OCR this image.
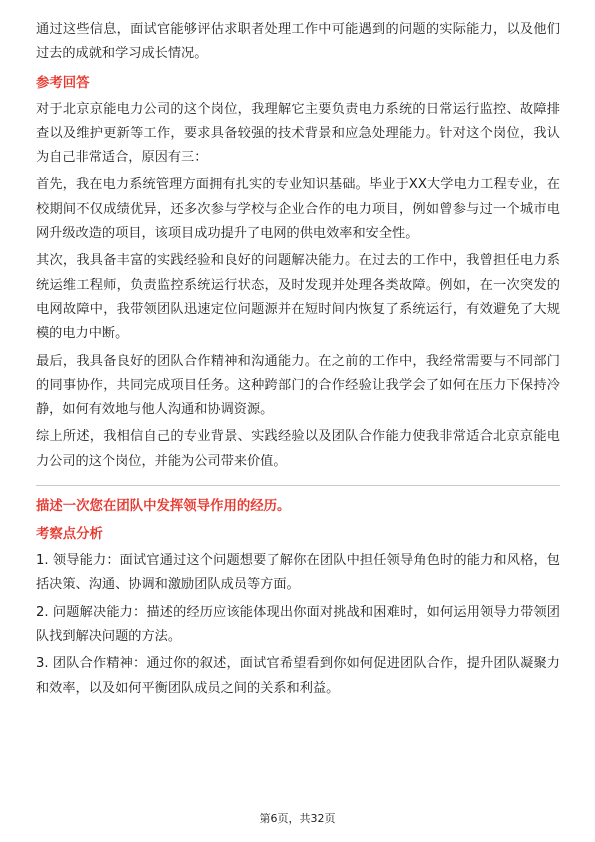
通过这些信息，面试官能够评估求职者处理工作中可能遇到的问题的实际能力，以及他们过去的成就和学习成长情况。

参考回答

对于北京京能电力公司的这个岗位，我理解它主要负责电力系统的日常运行监控、故障排查以及维护更新等工作，要求具备较强的技术背景和应急处理能力。针对这个岗位，我认为自己非常适合，原因有三：

首先，我在电力系统管理方面拥有扎实的专业知识基础。毕业于XX大学电力工程专业，在校期间不仅成绩优异，还多次参与学校与企业合作的电力项目，例如曾参与过一个城市电网升级改造的项目，该项目成功提升了电网的供电效率和安全性。

其次，我具备丰富的实践经验和良好的问题解决能力。在过去的工作中，我曾担任电力系统运维工程师，负责监控系统运行状态，及时发现并处理各类故障。例如，在一次突发的电网故障中，我带领团队迅速定位问题源并在短时间内恢复了系统运行，有效避免了大规模的电力中断。

最后，我具备良好的团队合作精神和沟通能力。在之前的工作中，我经常需要与不同部门的同事协作，共同完成项目任务。这种跨部门的合作经验让我学会了如何在压力下保持冷静，如何有效地与他人沟通和协调资源。

综上所述，我相信自己的专业背景、实践经验以及团队合作能力使我非常适合北京京能电力公司的这个岗位，并能为公司带来价值。

描述一次您在团队中发挥领导作用的经历。
考察点分析

1. 领导能力：面试官通过这个问题想要了解你在团队中担任领导角色时的能力和风格，包括决策、沟通、协调和激励团队成员等方面。

2. 问题解决能力：描述的经历应该能体现出你面对挑战和困难时，如何运用领导力带领团队找到解决问题的方法。

3. 团队合作精神：通过你的叙述，面试官希望看到你如何促进团队合作，提升团队凝聚力和效率，以及如何平衡团队成员之间的关系和利益。

第6页，共32页
